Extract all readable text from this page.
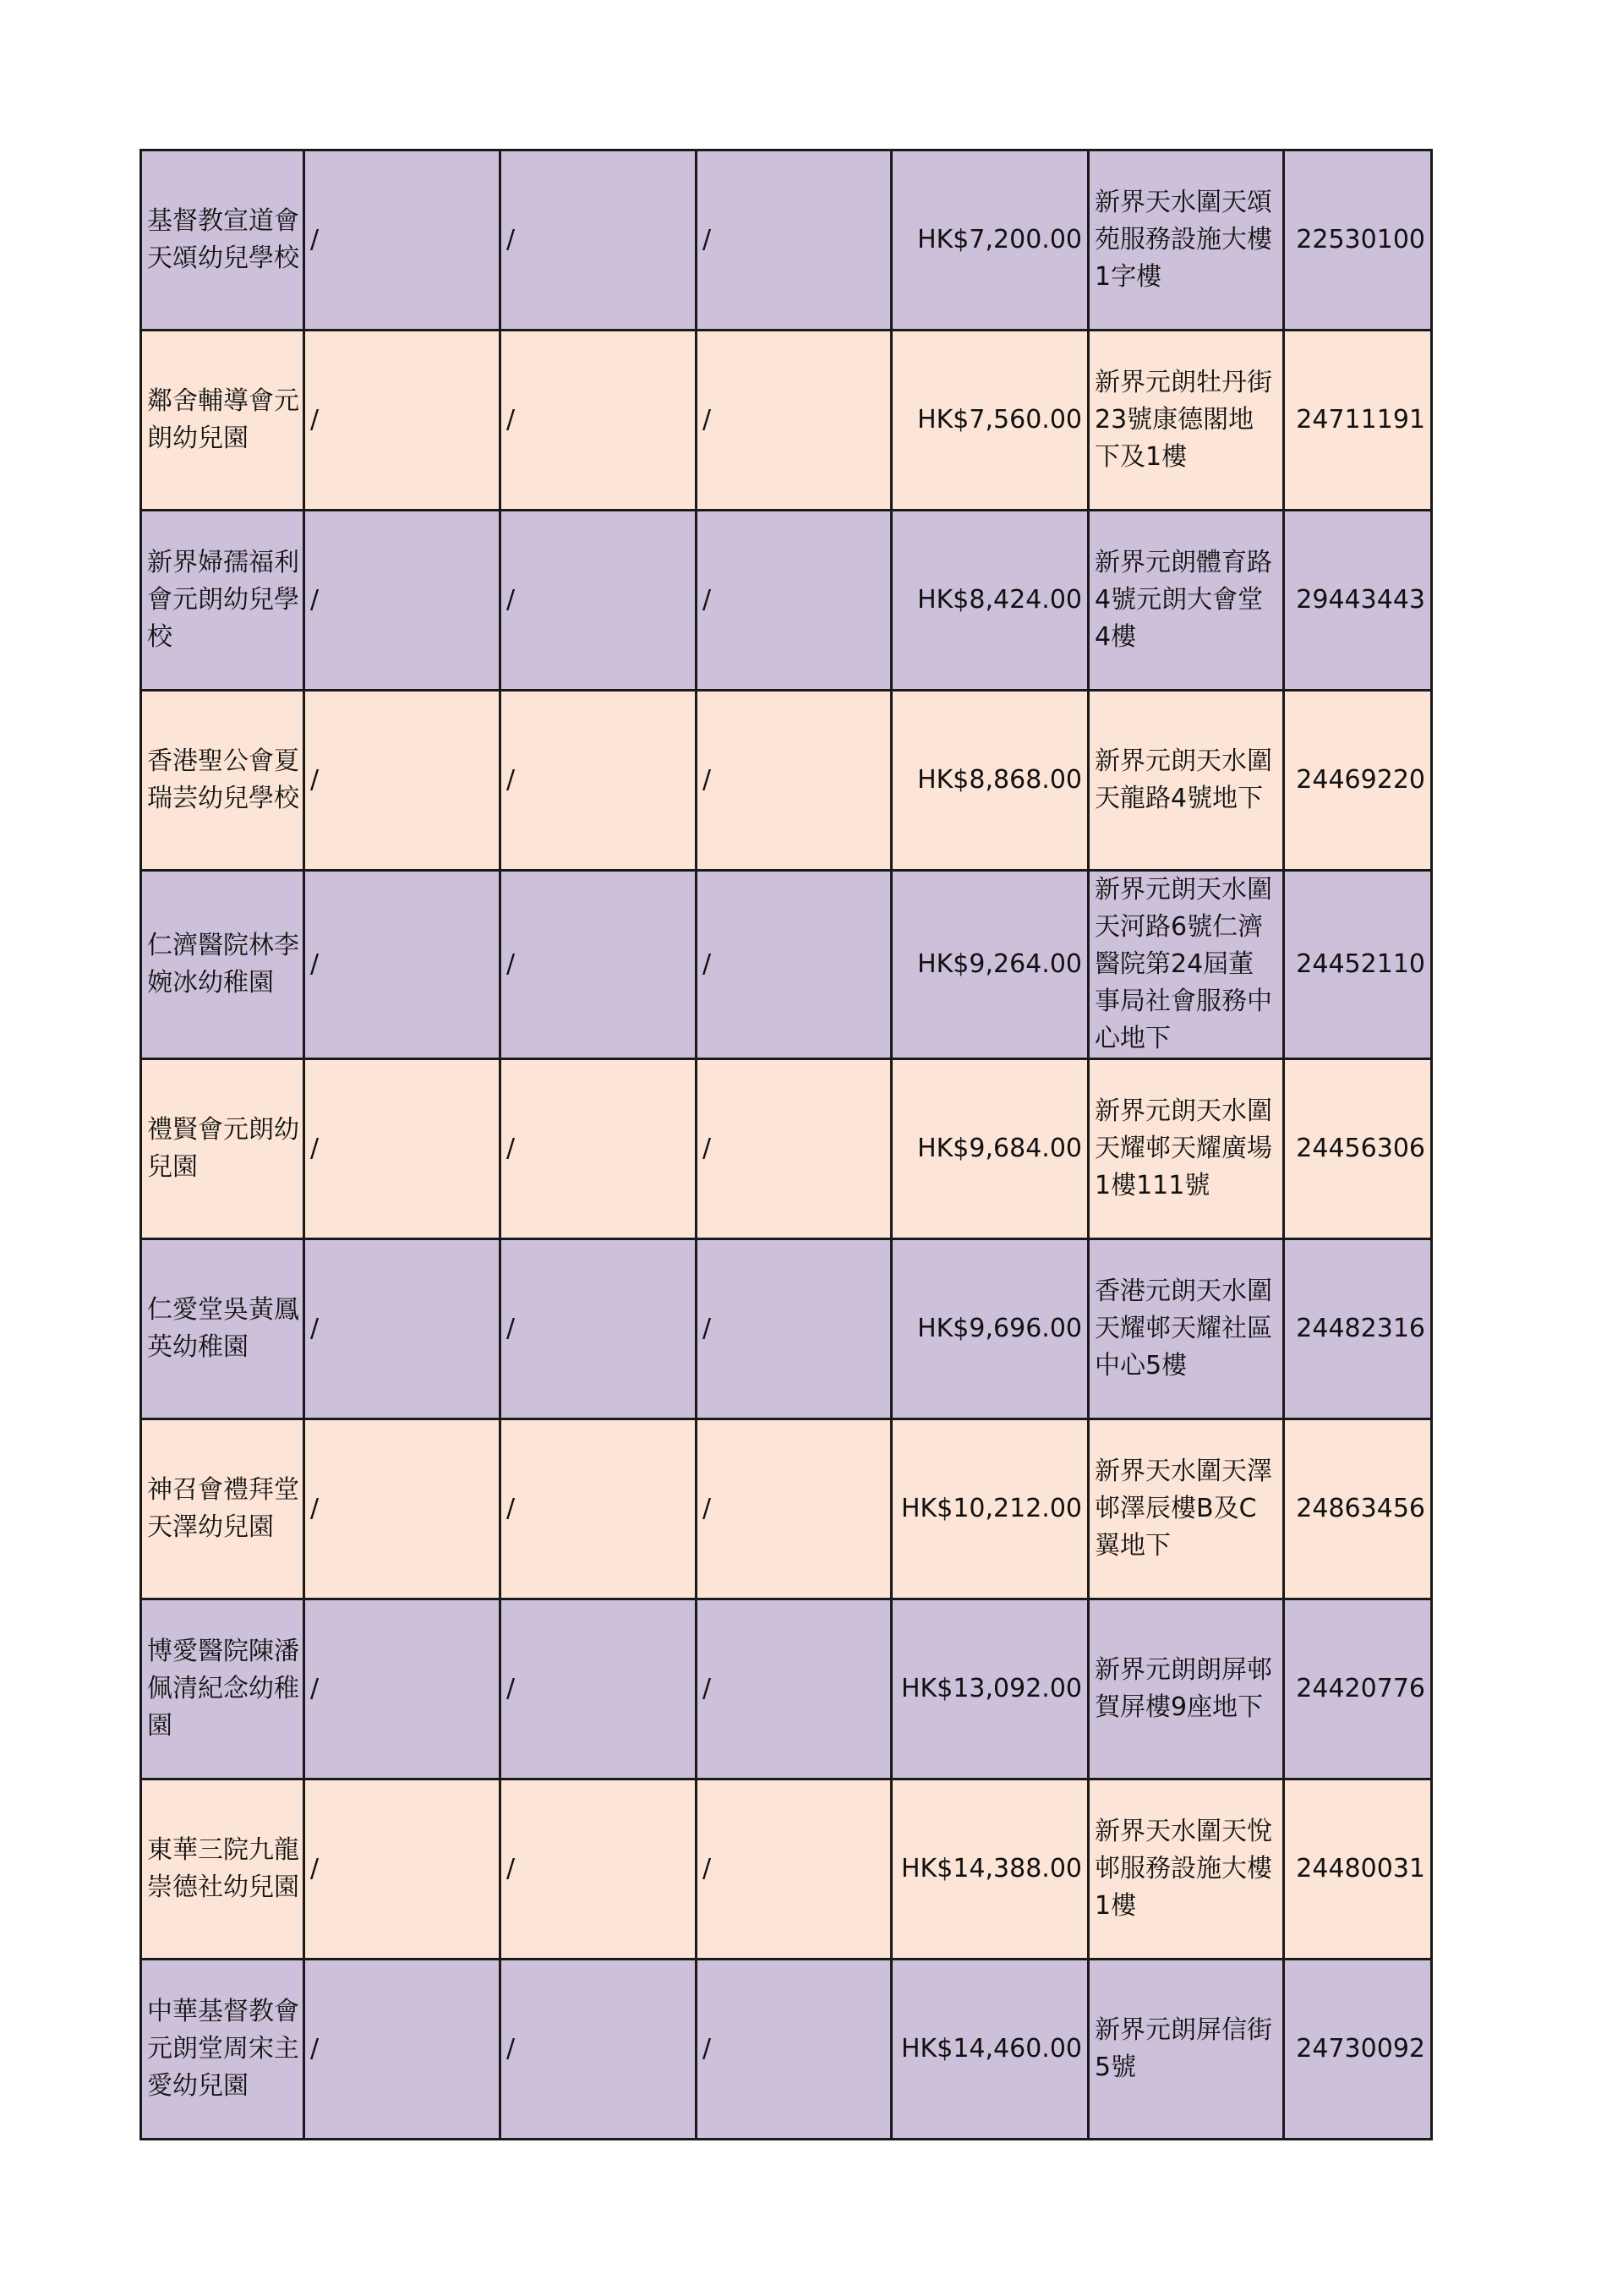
基督教宣道會天頌幼兒學校	/	/	/	HK$7,200.00	新界天水圍天頌苑服務設施大樓1字樓	22530100

鄰舍輔導會元朗幼兒園	/	/	/	HK$7,560.00	新界元朗牡丹街23號康德閣地下及1樓	24711191

新界婦孺福利會元朗幼兒學校	/	/	/	HK$8,424.00	新界元朗體育路4號元朗大會堂4樓	29443443

香港聖公會夏瑞芸幼兒學校	/	/	/	HK$8,868.00	新界元朗天水圍天龍路4號地下	24469220

仁濟醫院林李婉冰幼稚園	/	/	/	HK$9,264.00	新界元朗天水圍天河路6號仁濟醫院第24屆董事局社會服務中心地下	24452110

禮賢會元朗幼兒園	/	/	/	HK$9,684.00	新界元朗天水圍天耀邨天耀廣場1樓111號	24456306

仁愛堂吳黃鳳英幼稚園	/	/	/	HK$9,696.00	香港元朗天水圍天耀邨天耀社區中心5樓	24482316

神召會禮拜堂天澤幼兒園	/	/	/	HK$10,212.00	新界天水圍天澤邨澤辰樓B及C翼地下	24863456

博愛醫院陳潘佩清紀念幼稚園	/	/	/	HK$13,092.00	新界元朗朗屏邨賀屏樓9座地下	24420776

東華三院九龍崇德社幼兒園	/	/	/	HK$14,388.00	新界天水圍天悅邨服務設施大樓1樓	24480031

中華基督教會元朗堂周宋主愛幼兒園	/	/	/	HK$14,460.00	新界元朗屏信街5號	24730092
